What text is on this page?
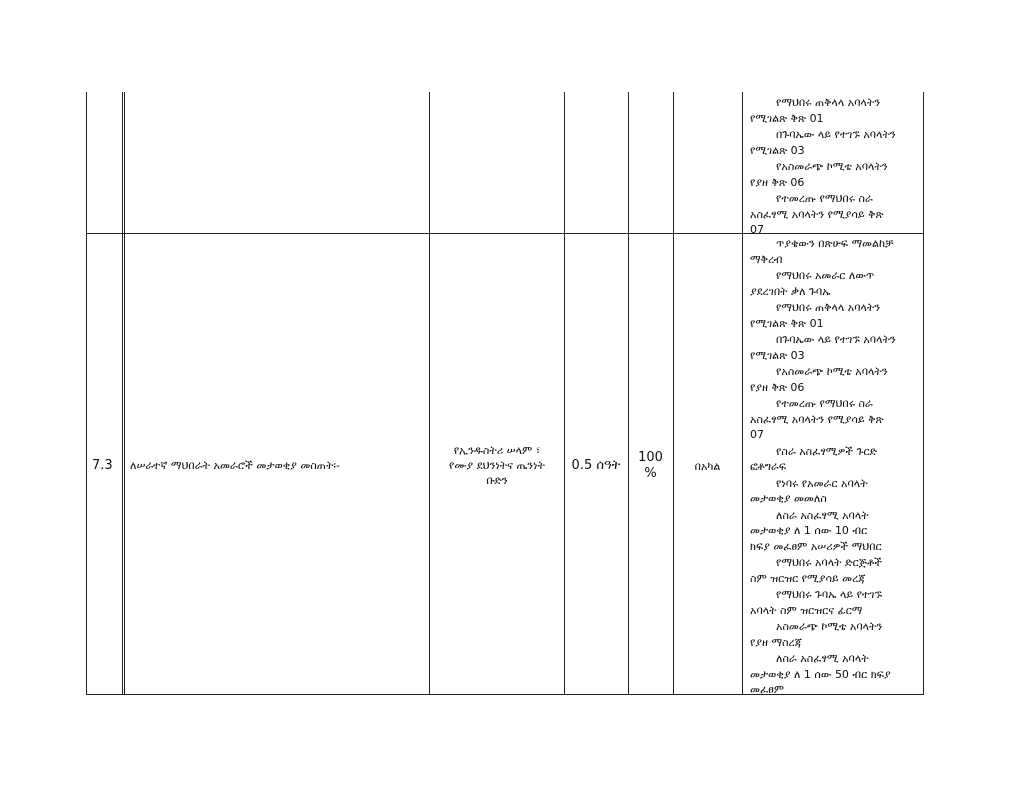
የማህበሩ ጠቅላላ አባላትን
የሚገልጽ ቅጽ 01
በጉባኤው ላይ የተገኙ አባላትን
የሚገልጽ 03
የአስመራጭ ኮሚቴ አባላትን
የያዘ ቅጽ 06
የተመረጡ የማህበሩ ስራ
አስፈፃሚ አባላትን የሚያሳይ ቅጽ
07
7.3	ለሠራተኛ ማህበራት አመራሮች መታወቂያ መስጠት፡-
የኢንዱስትሪ ሠላም ፣
የሙያ ደህንነትና ጤንነት
ቡድን
0.5 ሰዓት
100
%	በአካል
ጥያቄውን በጽሁፍ ማመልከቻ
ማቅረብ
የማህበሩ አመራር ለውጥ
ያደረገበት ቃለ ጉባኤ
የማህበሩ ጠቅላላ አባላትን
የሚገልጽ ቅጽ 01
በጉባኤው ላይ የተገኙ አባላትን
የሚገልጽ 03
የአስመራጭ ኮሚቴ አባላትን
የያዘ ቅጽ 06
የተመረጡ የማህበሩ ስራ
አስፈፃሚ አባላትን የሚያሳይ ቅጽ
07
የስራ አስፈፃሚዎች ጉርድ
ፎቶግራፍ
የነባሩ የአመራር አባላት
መታወቂያ መመለስ
ለስራ አስፈፃሚ አባላት
መታወቂያ ለ 1 ሰው 10 ብር
ክፍያ መፈፀም አሠሪዎች ማህበር
የማህበሩ አባላት ድርጅቶች
ስም ዝርዝር የሚያሳይ መረጃ
የማህበሩ ጉባኤ ላይ የተገኙ
አባላት ስም ዝርዝርና ፊርማ
አስመራጭ ኮሚቴ አባላትን
የያዘ ማስረጃ
ለስራ አስፈፃሚ አባላት
መታወቂያ ለ 1 ሰው 50 ብር ክፍያ
መፈፀም
